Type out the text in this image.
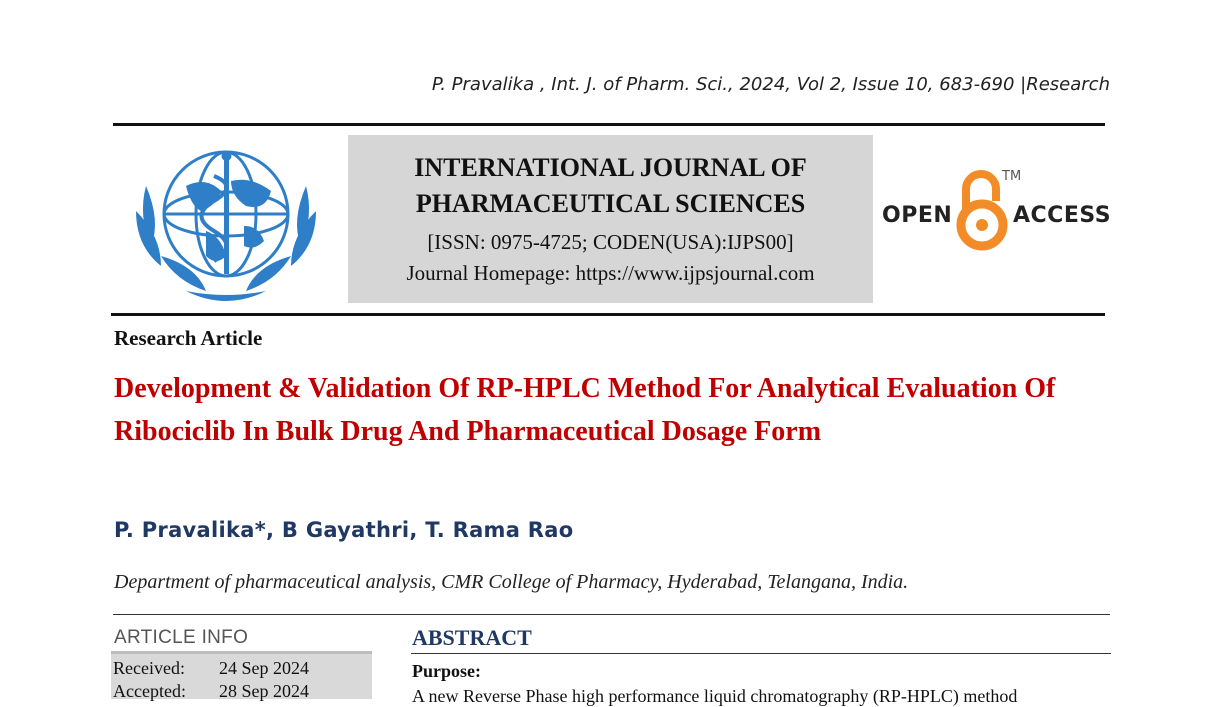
P. Pravalika , Int. J. of Pharm. Sci., 2024, Vol 2, Issue 10, 683-690 |Research
INTERNATIONAL JOURNAL OF
PHARMACEUTICAL SCIENCES
[ISSN: 0975-4725; CODEN(USA):IJPS00]
Journal Homepage: https://www.ijpsjournal.com
OPEN
TM
ACCESS
Research Article
Development & Validation Of RP-HPLC Method For Analytical Evaluation Of Ribociclib In Bulk Drug And Pharmaceutical Dosage Form
P. Pravalika*, B Gayathri, T. Rama Rao
Department of pharmaceutical analysis, CMR College of Pharmacy, Hyderabad, Telangana, India.
ARTICLE INFO
Received: 24 Sep 2024
Accepted: 28 Sep 2024
ABSTRACT
Purpose:
A new Reverse Phase high performance liquid chromatography (RP-HPLC) method
